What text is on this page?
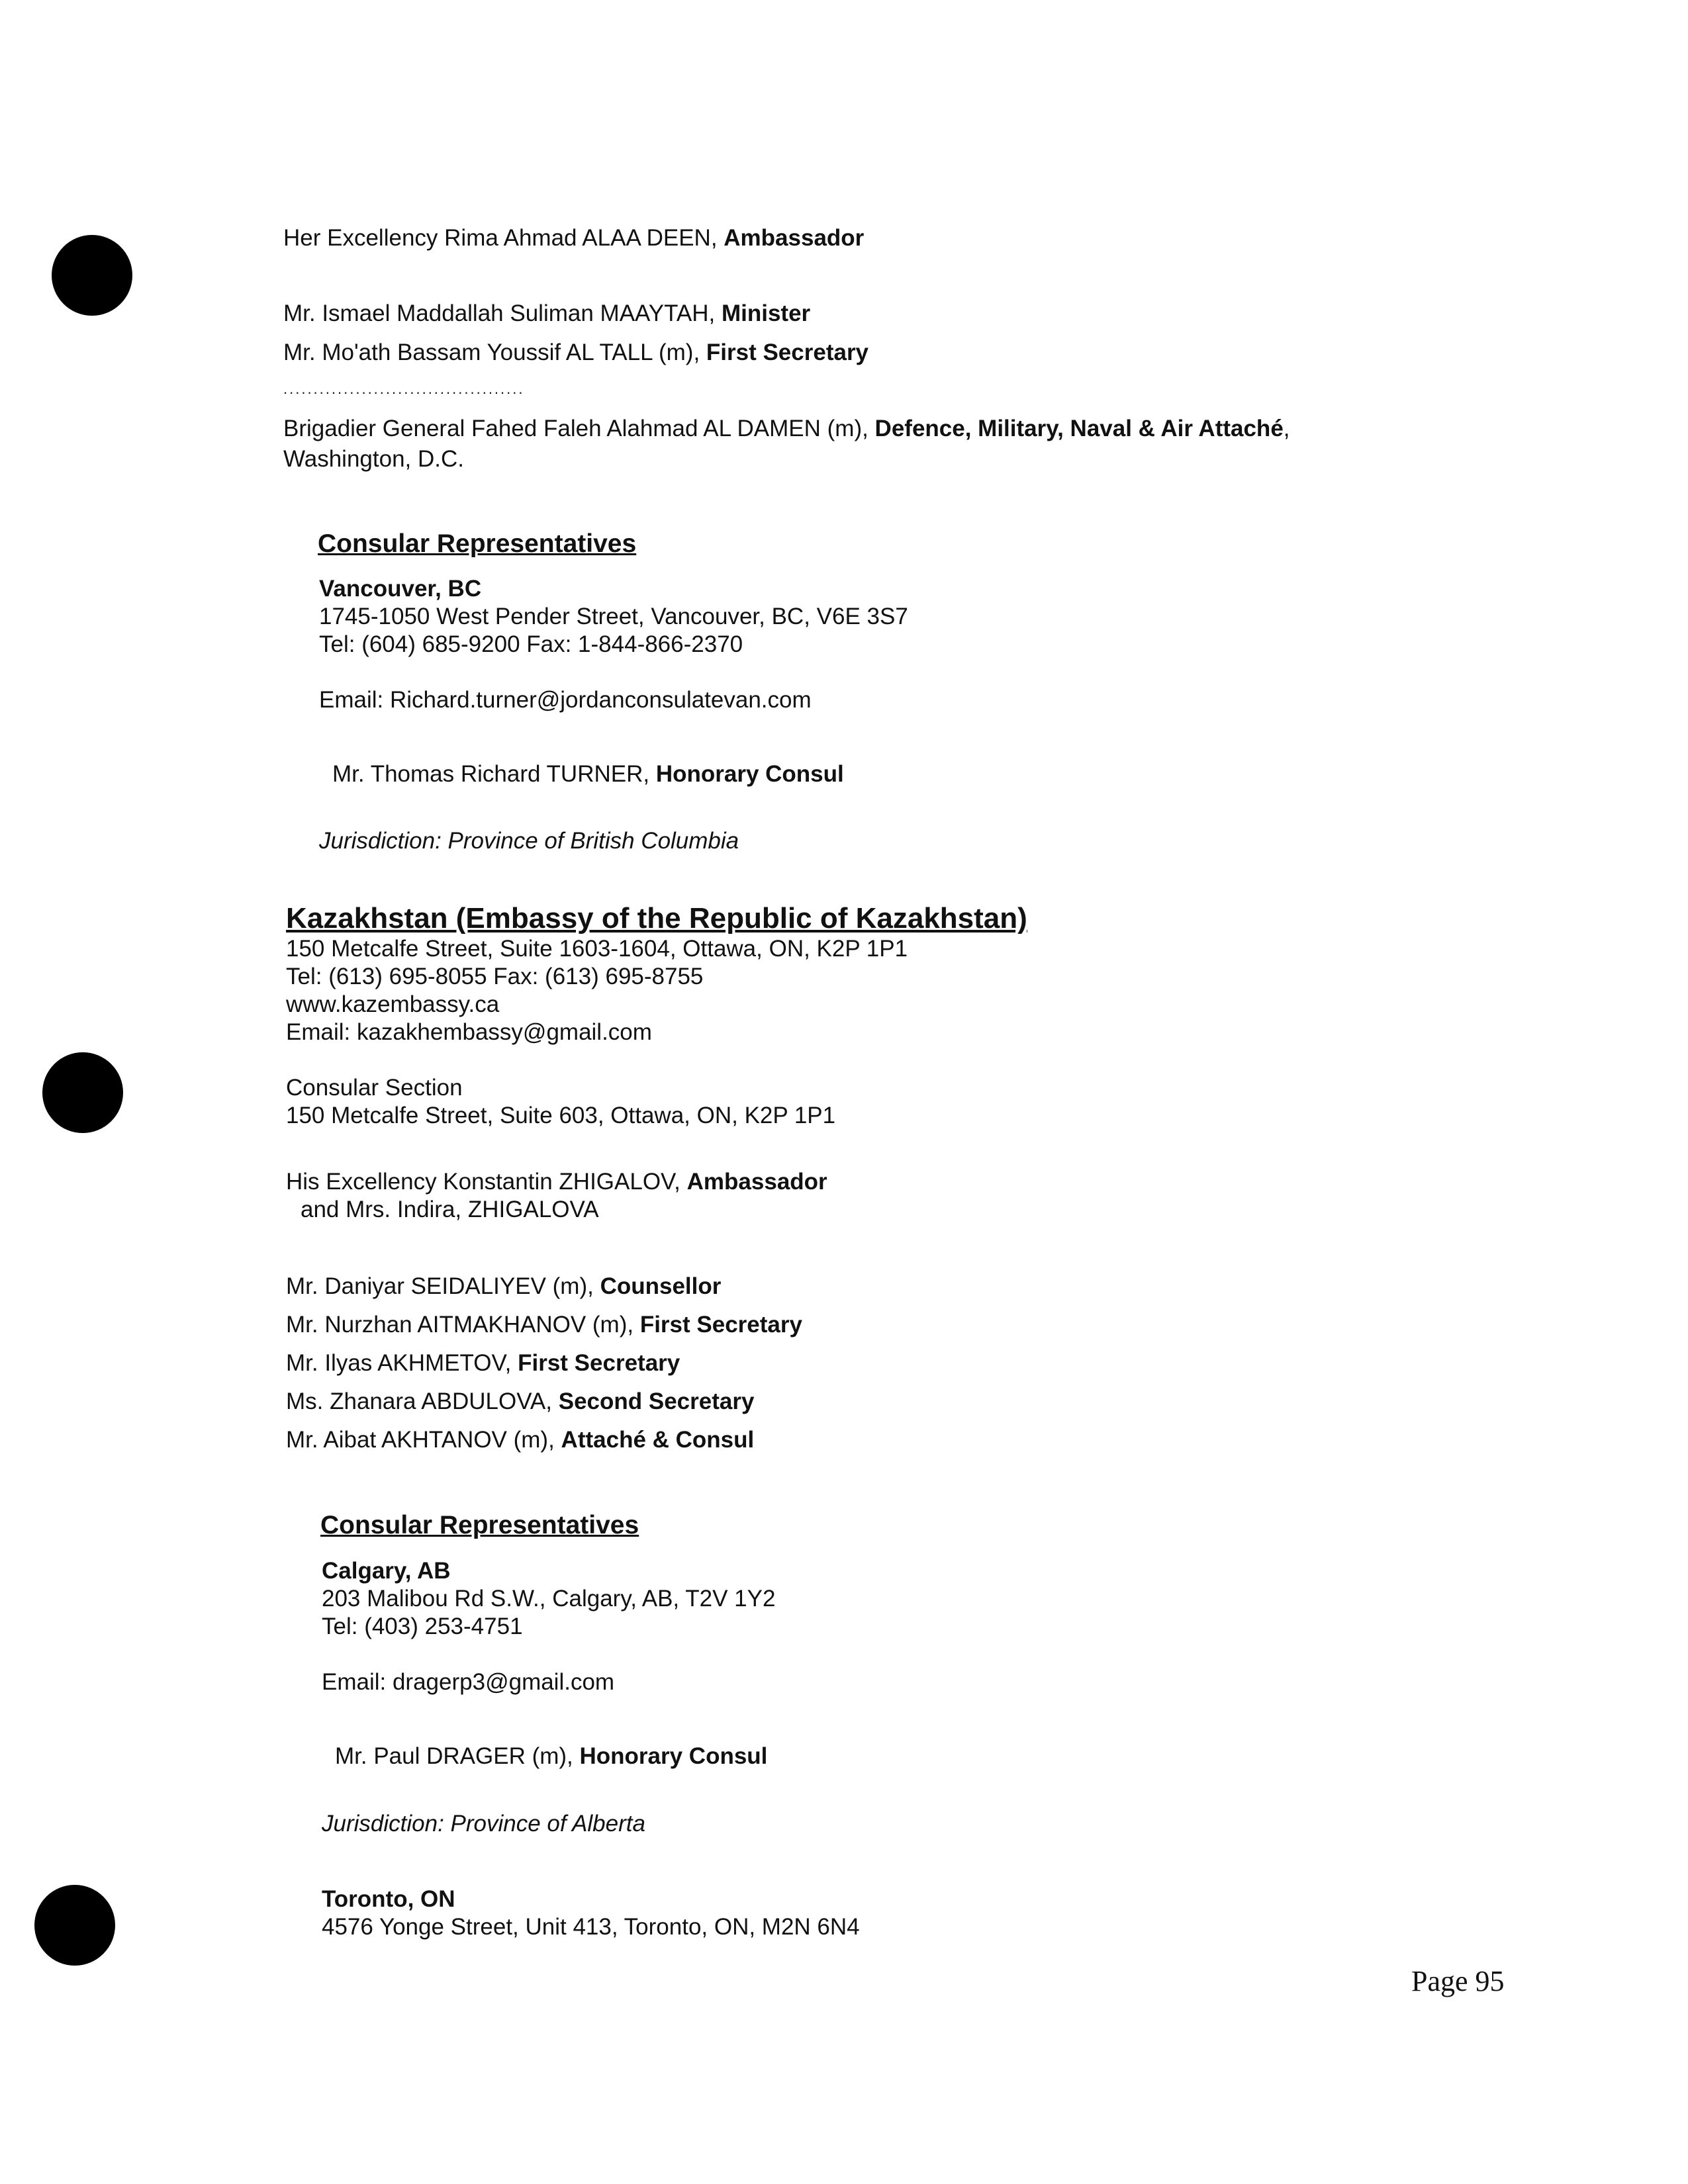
Her Excellency Rima Ahmad ALAA DEEN, Ambassador
Mr. Ismael Maddallah Suliman MAAYTAH, Minister
Mr. Mo'ath Bassam Youssif AL TALL (m), First Secretary
........................................
Brigadier General Fahed Faleh Alahmad AL DAMEN (m), Defence, Military, Naval & Air Attaché,
Washington, D.C.
Consular Representatives
Vancouver, BC
1745-1050 West Pender Street, Vancouver, BC, V6E 3S7
Tel: (604) 685-9200 Fax: 1-844-866-2370
Email: Richard.turner@jordanconsulatevan.com
Mr. Thomas Richard TURNER, Honorary Consul
Jurisdiction: Province of British Columbia
Kazakhstan (Embassy of the Republic of Kazakhstan)
150 Metcalfe Street, Suite 1603-1604, Ottawa, ON, K2P 1P1
Tel: (613) 695-8055 Fax: (613) 695-8755
www.kazembassy.ca
Email: kazakhembassy@gmail.com
Consular Section
150 Metcalfe Street, Suite 603, Ottawa, ON, K2P 1P1
His Excellency Konstantin ZHIGALOV, Ambassador
and Mrs. Indira, ZHIGALOVA
Mr. Daniyar SEIDALIYEV (m), Counsellor
Mr. Nurzhan AITMAKHANOV (m), First Secretary
Mr. Ilyas AKHMETOV, First Secretary
Ms. Zhanara ABDULOVA, Second Secretary
Mr. Aibat AKHTANOV (m), Attaché & Consul
Consular Representatives
Calgary, AB
203 Malibou Rd S.W., Calgary, AB, T2V 1Y2
Tel: (403) 253-4751
Email: dragerp3@gmail.com
Mr. Paul DRAGER (m), Honorary Consul
Jurisdiction: Province of Alberta
Toronto, ON
4576 Yonge Street, Unit 413, Toronto, ON, M2N 6N4
Page 95
